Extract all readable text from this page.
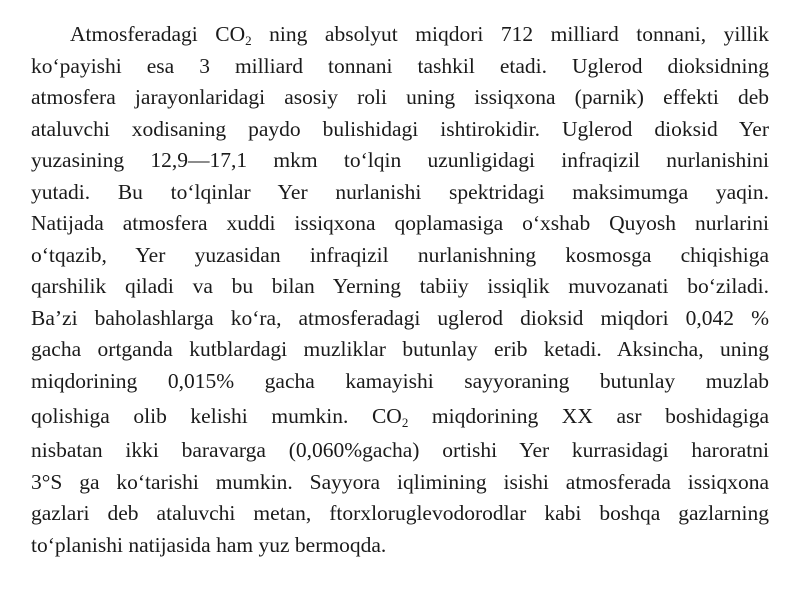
Atmosferadagi $CO_2$ ning absolyut miqdori 712 milliard tonnani, yillik
ko‘payishi esa 3 milliard tonnani tashkil etadi. Uglerod dioksidning
atmosfera jarayonlaridagi asosiy roli uning issiqxona (parnik) effekti deb
ataluvchi xodisaning paydo bulishidagi ishtirokidir. Uglerod dioksid Yer
yuzasining 12,9—17,1 mkm to‘lqin uzunligidagi infraqizil nurlanishini
yutadi. Bu to‘lqinlar Yer nurlanishi spektridagi maksimumga yaqin.
Natijada atmosfera xuddi issiqxona qoplamasiga o‘xshab Quyosh nurlarini
o‘tqazib, Yer yuzasidan infraqizil nurlanishning kosmosga chiqishiga
qarshilik qiladi va bu bilan Yerning tabiiy issiqlik muvozanati bo‘ziladi.
Ba’zi baholashlarga ko‘ra, atmosferadagi uglerod dioksid miqdori 0,042 %
gacha ortganda kutblardagi muzliklar butunlay erib ketadi. Aksincha, uning
miqdorining 0,015% gacha kamayishi sayyoraning butunlay muzlab
qolishiga olib kelishi mumkin. $CO_2$ miqdorining XX asr boshidagiga
nisbatan ikki baravarga (0,060%gacha) ortishi Yer kurrasidagi haroratni
3°S ga ko‘tarishi mumkin. Sayyora iqlimining isishi atmosferada issiqxona
gazlari deb ataluvchi metan, ftorxloruglevodorodlar kabi boshqa gazlarning
to‘planishi natijasida ham yuz bermoqda.
